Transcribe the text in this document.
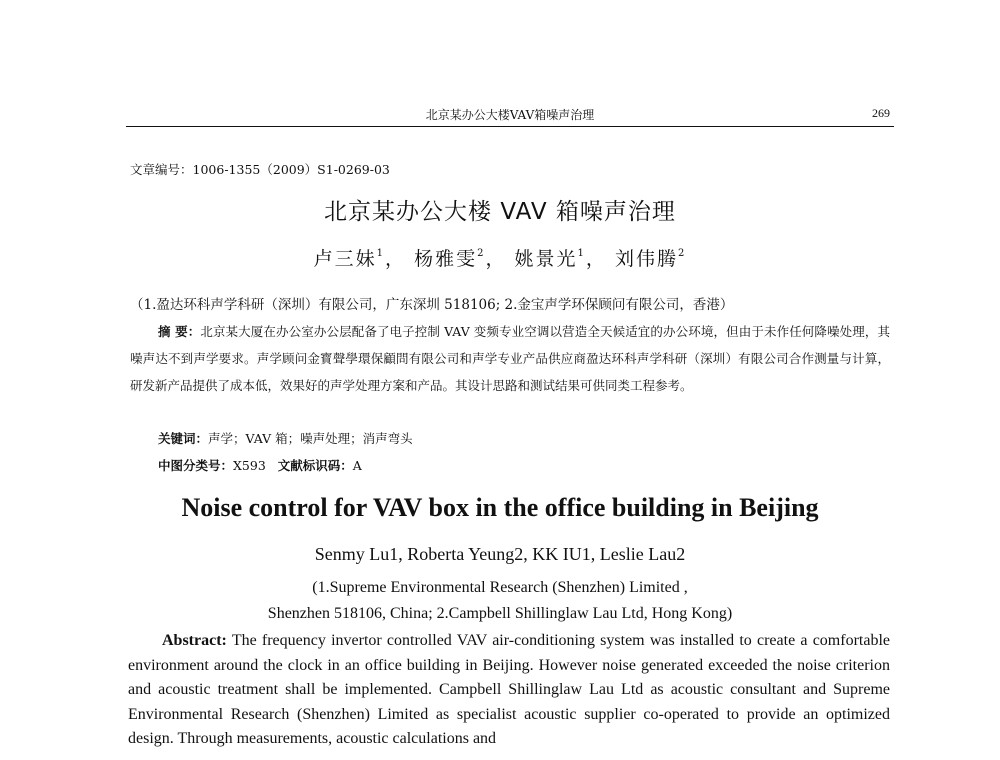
北京某办公大楼VAV箱噪声治理	269
文章编号：1006-1355（2009）S1-0269-03
北京某办公大楼 VAV 箱噪声治理
卢三妹$^1$， 杨雅雯$^2$， 姚景光$^1$， 刘伟腾$^2$
（1.盈达环科声学科研（深圳）有限公司，广东深圳 518106; 2.金宝声学环保顾问有限公司，香港）

摘 要：北京某大厦在办公室办公层配备了电子控制 VAV 变频专业空调以营造全天候适宜的办公环境，但由于未作任何降噪处理，其噪声达不到声学要求。声学顾问金寳聲學環保顧問有限公司和声学专业产品供应商盈达环科声学科研（深圳）有限公司合作测量与计算，研发新产品提供了成本低，效果好的声学处理方案和产品。其设计思路和测试结果可供同类工程参考。

关键词：声学；VAV 箱；噪声处理；消声弯头
中图分类号：X593 文献标识码：A
Noise control for VAV box in the office building in Beijing
Senmy Lu1, Roberta Yeung2, KK IU1, Leslie Lau2
(1.Supreme Environmental Research (Shenzhen) Limited ,
Shenzhen 518106, China; 2.Campbell Shillinglaw Lau Ltd, Hong Kong)

Abstract: The frequency invertor controlled VAV air-conditioning system was installed to create a comfortable environment around the clock in an office building in Beijing. However noise generated exceeded the noise criterion and acoustic treatment shall be implemented. Campbell Shillinglaw Lau Ltd as acoustic consultant and Supreme Environmental Research (Shenzhen) Limited as specialist acoustic supplier co-operated to provide an optimized design. Through measurements, acoustic calculations and
